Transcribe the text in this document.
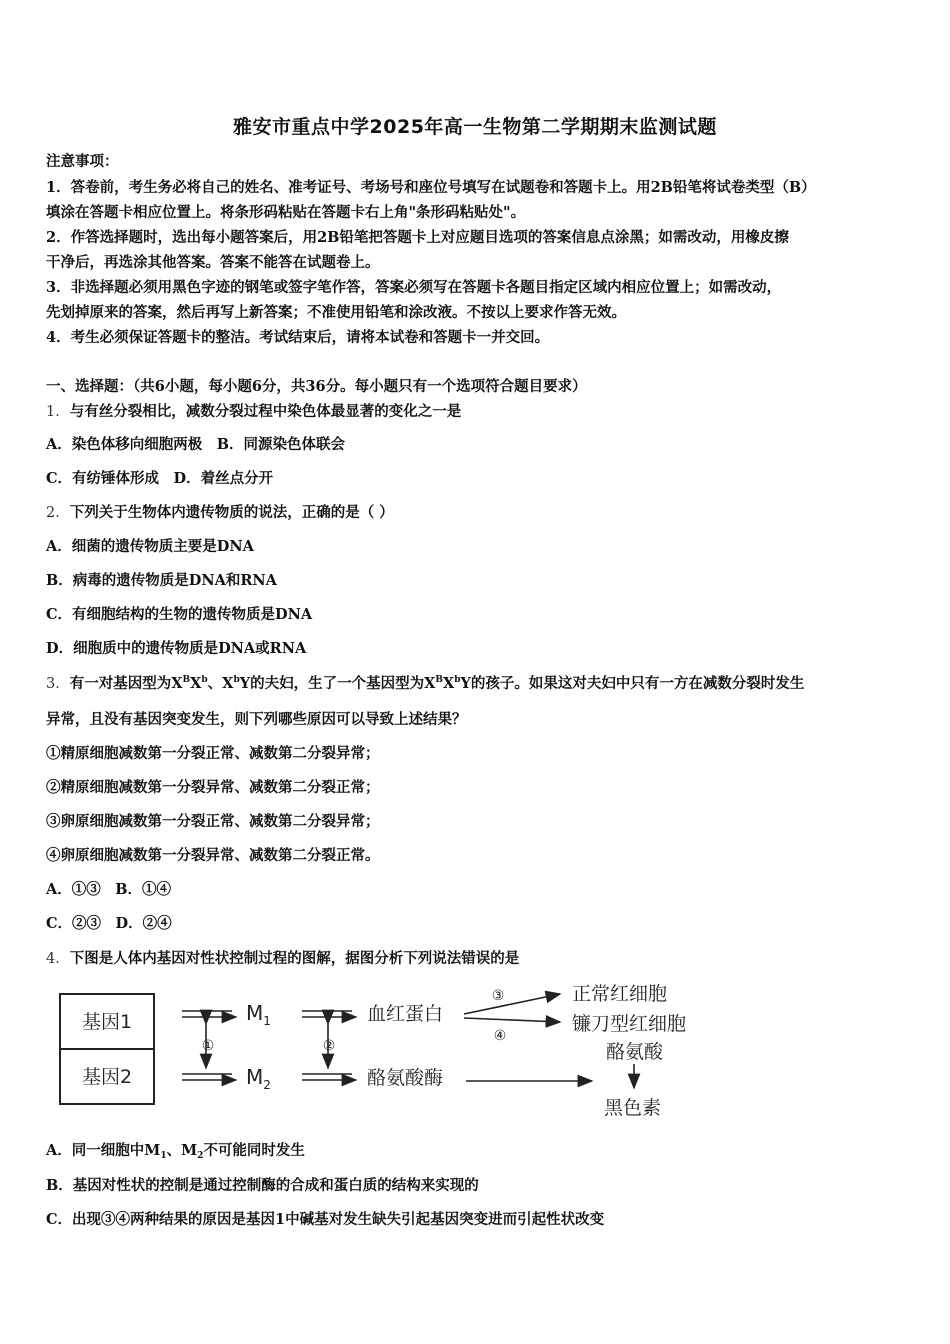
雅安市重点中学2025年高一生物第二学期期末监测试题
注意事项：
1．答卷前，考生务必将自己的姓名、准考证号、考场号和座位号填写在试题卷和答题卡上。用2B铅笔将试卷类型（B）
填涂在答题卡相应位置上。将条形码粘贴在答题卡右上角"条形码粘贴处"。
2．作答选择题时，选出每小题答案后，用2B铅笔把答题卡上对应题目选项的答案信息点涂黑；如需改动，用橡皮擦
干净后，再选涂其他答案。答案不能答在试题卷上。
3．非选择题必须用黑色字迹的钢笔或签字笔作答，答案必须写在答题卡各题目指定区域内相应位置上；如需改动，
先划掉原来的答案，然后再写上新答案；不准使用铅笔和涂改液。不按以上要求作答无效。
4．考生必须保证答题卡的整洁。考试结束后，请将本试卷和答题卡一并交回。
一、选择题：（共6小题，每小题6分，共36分。每小题只有一个选项符合题目要求）
1．与有丝分裂相比，减数分裂过程中染色体最显著的变化之一是
A．染色体移向细胞两极　B．同源染色体联会
C．有纺锤体形成　D．着丝点分开
2．下列关于生物体内遗传物质的说法，正确的是（ ）
A．细菌的遗传物质主要是DNA
B．病毒的遗传物质是DNA和RNA
C．有细胞结构的生物的遗传物质是DNA
D．细胞质中的遗传物质是DNA或RNA
3．有一对基因型为$X^BX^b$、$X^bY$的夫妇，生了一个基因型为$X^BX^bY$的孩子。如果这对夫妇中只有一方在减数分裂时发生
异常，且没有基因突变发生，则下列哪些原因可以导致上述结果？
①精原细胞减数第一分裂正常、减数第二分裂异常；
②精原细胞减数第一分裂异常、减数第二分裂正常；
③卵原细胞减数第一分裂正常、减数第二分裂异常；
④卵原细胞减数第一分裂异常、减数第二分裂正常。
A．①③　B．①④
C．②③　D．②④
4．下图是人体内基因对性状控制过程的图解，据图分析下列说法错误的是
基因1
基因2
①
$M_1$
$M_2$
②
血红蛋白
酪氨酸酶
③
④
正常红细胞
镰刀型红细胞
酪氨酸
黑色素
A．同一细胞中$M_1$、$M_2$不可能同时发生
B．基因对性状的控制是通过控制酶的合成和蛋白质的结构来实现的
C．出现③④两种结果的原因是基因1中碱基对发生缺失引起基因突变进而引起性状改变
